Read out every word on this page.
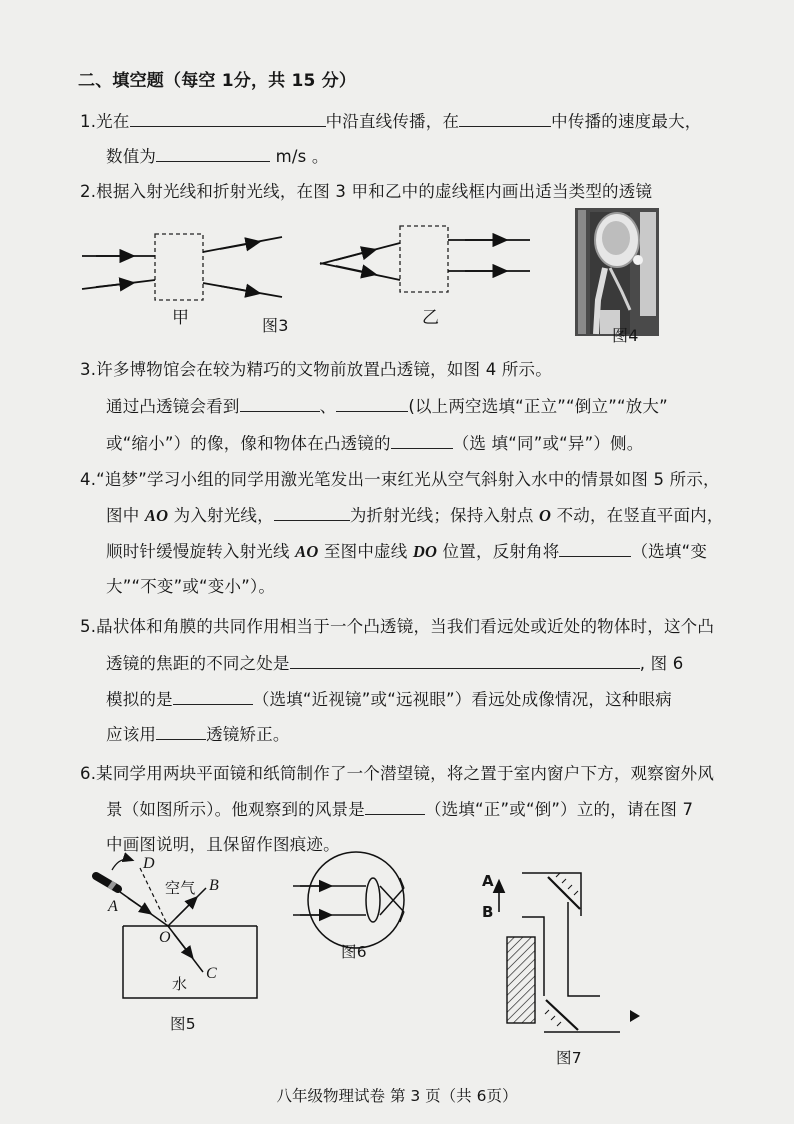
二、填空题（每空 1分，共 15 分）
1.光在	中沿直线传播，在	中传播的速度最大，
数值为	m/s 。
2.根据入射光线和折射光线，在图 3 甲和乙中的虚线框内画出适当类型的透镜
甲	图3	乙
图4
3.许多博物馆会在较为精巧的文物前放置凸透镜，如图 4 所示。
通过凸透镜会看到	、	(以上两空选填“正立”“倒立”“放大”
或“缩小”）的像，像和物体在凸透镜的	（选 填“同”或“异”）侧。
4.“追梦”学习小组的同学用激光笔发出一束红光从空气斜射入水中的情景如图 5 所示，
图中 AO 为入射光线，	为折射光线；保持入射点 O 不动，在竖直平面内，
顺时针缓慢旋转入射光线 AO 至图中虚线 DO 位置，反射角将	（选填“变
大”“不变”或“变小”）。
5.晶状体和角膜的共同作用相当于一个凸透镜，当我们看远处或近处的物体时，这个凸
透镜的焦距的不同之处是	, 图 6
模拟的是	（选填“近视镜”或“远视眼”）看远处成像情况，这种眼病
应该用	透镜矫正。
6.某同学用两块平面镜和纸筒制作了一个潜望镜，将之置于室内窗户下方，观察窗外风
景（如图所示）。他观察到的风景是	（选填“正”或“倒”）立的，请在图 7
中画图说明，且保留作图痕迹。
D
A
空气 B
O
C
水
图5
图6
A
B
图7
八年级物理试卷 第 3 页（共 6页）
